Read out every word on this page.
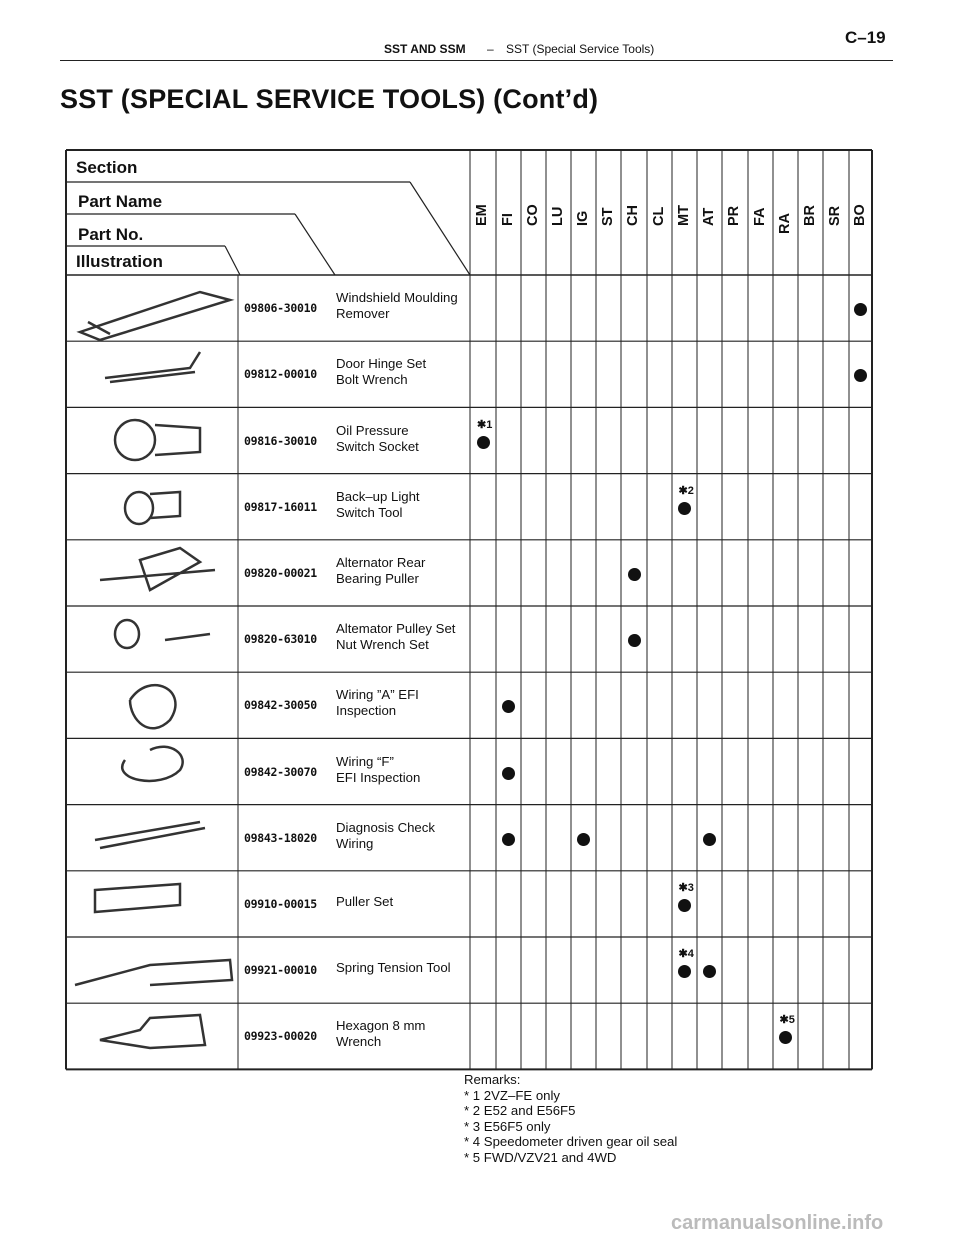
SST AND SSM – SST (Special Service Tools)
C–19
SST (SPECIAL SERVICE TOOLS) (Cont’d)
Section
Part Name
Part No.
Illustration
EM FI CO LU IG ST CH CL MT AT PR FA RA BR SR BO
09806-30010
Windshield Moulding
Remover
09812-00010
Door Hinge Set
Bolt Wrench
09816-30010
Oil Pressure
Switch Socket
✱1
09817-16011
Back–up Light
Switch Tool
✱2
09820-00021
Alternator Rear
Bearing Puller
09820-63010
Altemator Pulley Set
Nut Wrench Set
09842-30050
Wiring ”A” EFI
Inspection
09842-30070
Wiring “F”
EFI Inspection
09843-18020
Diagnosis Check
Wiring
09910-00015	Puller Set
✱3
09921-00010	Spring Tension Tool
✱4
09923-00020
Hexagon 8 mm
Wrench
✱5
Remarks:
* 1 2VZ–FE only
* 2 E52 and E56F5
* 3 E56F5 only
* 4 Speedometer driven gear oil seal
* 5 FWD/VZV21 and 4WD
carmanualsonline.info
